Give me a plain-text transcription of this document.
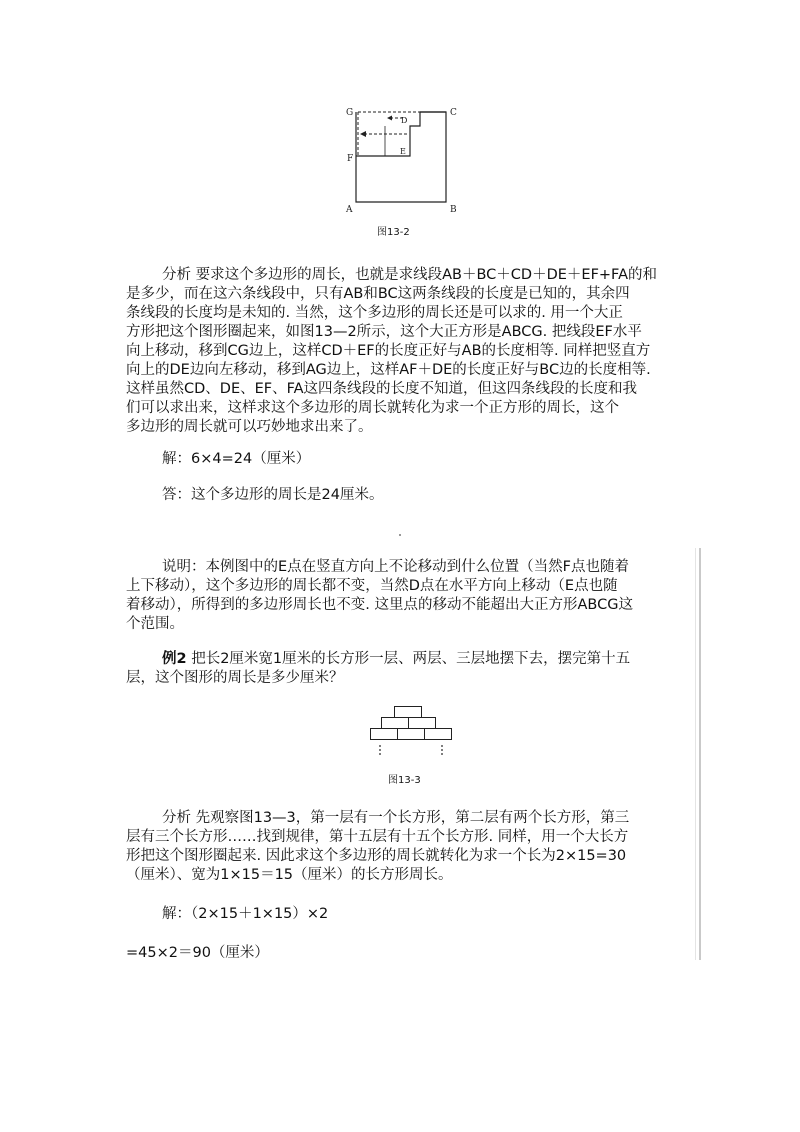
G	C
D
E
F
A	B
图13-2
分析 要求这个多边形的周长，也就是求线段AB＋BC＋CD＋DE＋EF+FA的和
是多少，而在这六条线段中，只有AB和BC这两条线段的长度是已知的，其余四
条线段的长度均是未知的. 当然，这个多边形的周长还是可以求的. 用一个大正
方形把这个图形圈起来，如图13—2所示，这个大正方形是ABCG. 把线段EF水平
向上移动，移到CG边上，这样CD＋EF的长度正好与AB的长度相等. 同样把竖直方
向上的DE边向左移动，移到AG边上，这样AF＋DE的长度正好与BC边的长度相等.
这样虽然CD、DE、EF、FA这四条线段的长度不知道，但这四条线段的长度和我
们可以求出来，这样求这个多边形的周长就转化为求一个正方形的周长，这个
多边形的周长就可以巧妙地求出来了。
解：6×4=24（厘米）
答：这个多边形的周长是24厘米。
说明：本例图中的E点在竖直方向上不论移动到什么位置（当然F点也随着
上下移动），这个多边形的周长都不变，当然D点在水平方向上移动（E点也随
着移动），所得到的多边形周长也不变. 这里点的移动不能超出大正方形ABCG这
个范围。
例2 把长2厘米宽1厘米的长方形一层、两层、三层地摆下去，摆完第十五
层，这个图形的周长是多少厘米？
图13-3
分析 先观察图13—3，第一层有一个长方形，第二层有两个长方形，第三
层有三个长方形……找到规律，第十五层有十五个长方形. 同样，用一个大长方
形把这个图形圈起来. 因此求这个多边形的周长就转化为求一个长为2×15=30
（厘米）、宽为1×15＝15（厘米）的长方形周长。
解：（2×15＋1×15）×2
=45×2＝90（厘米）
